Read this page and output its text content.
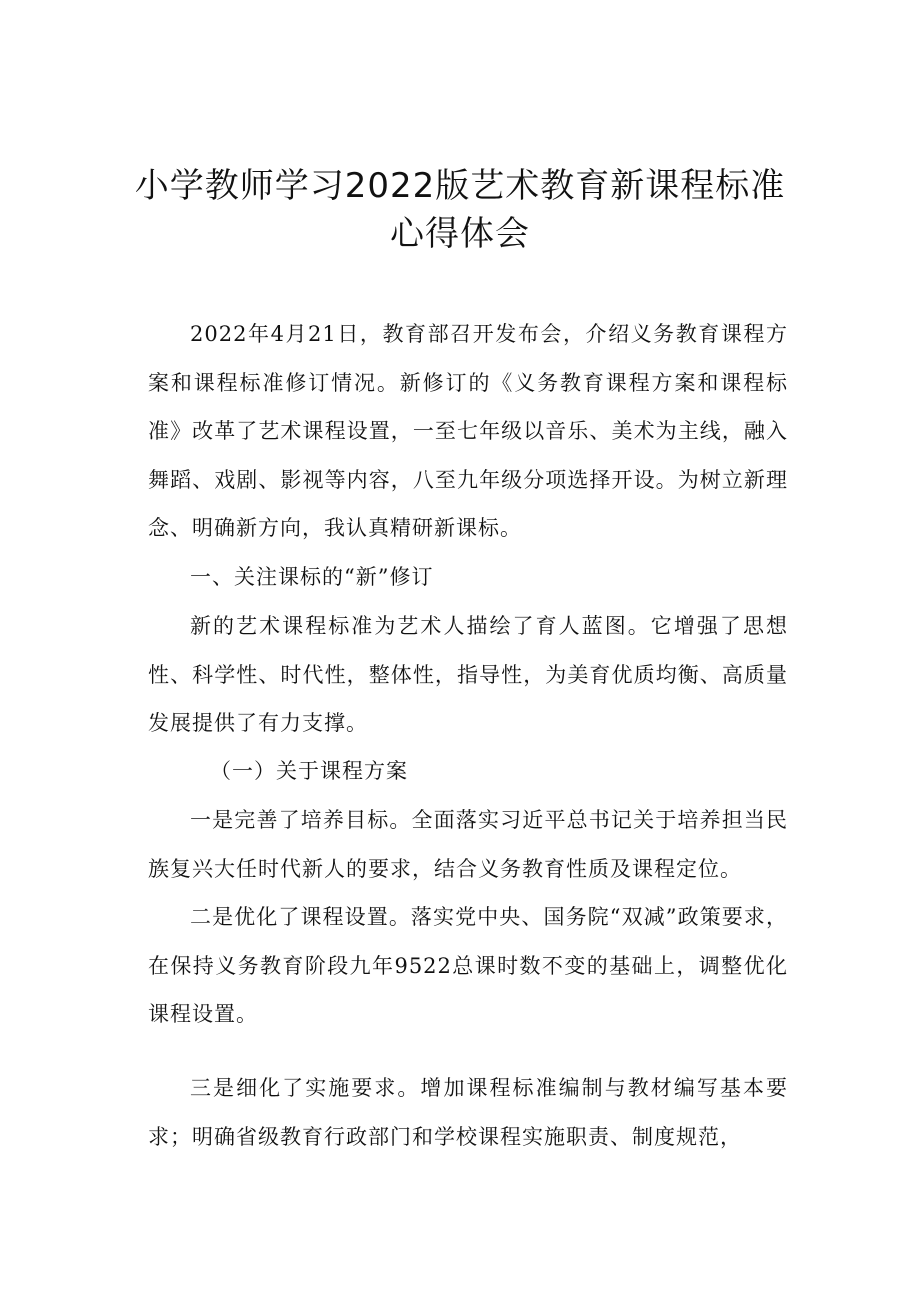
小学教师学习2022版艺术教育新课程标准
心得体会

2022年4月21日，教育部召开发布会，介绍义务教育课程方案和课程标准修订情况。新修订的《义务教育课程方案和课程标准》改革了艺术课程设置，一至七年级以音乐、美术为主线，融入舞蹈、戏剧、影视等内容，八至九年级分项选择开设。为树立新理念、明确新方向，我认真精研新课标。

一、关注课标的“新”修订

新的艺术课程标准为艺术人描绘了育人蓝图。它增强了思想性、科学性、时代性，整体性，指导性，为美育优质均衡、高质量发展提供了有力支撑。

（一）关于课程方案

一是完善了培养目标。全面落实习近平总书记关于培养担当民族复兴大任时代新人的要求，结合义务教育性质及课程定位。

二是优化了课程设置。落实党中央、国务院“双减”政策要求，在保持义务教育阶段九年9522总课时数不变的基础上，调整优化课程设置。

三是细化了实施要求。增加课程标准编制与教材编写基本要求；明确省级教育行政部门和学校课程实施职责、制度规范，
